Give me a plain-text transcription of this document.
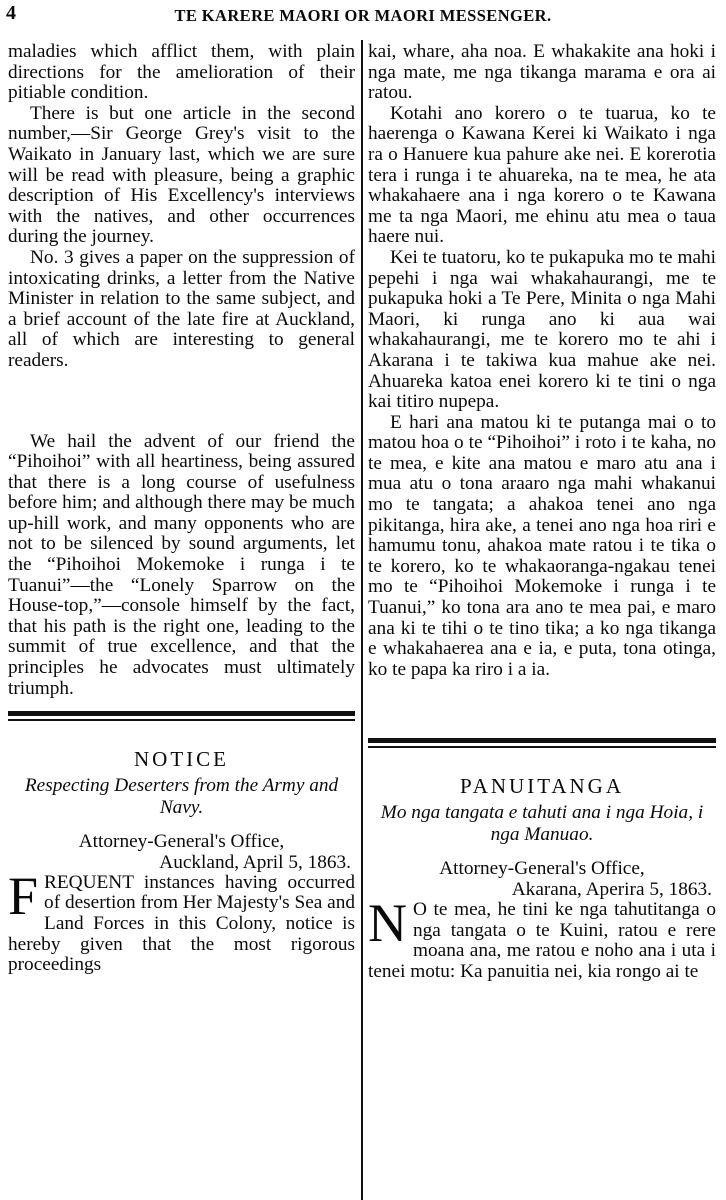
4	TE KARERE MAORI OR MAORI MESSENGER.

maladies which afflict them, with plain directions for the amelioration of their pitiable condition.

There is but one article in the second number,—Sir George Grey's visit to the Waikato in January last, which we are sure will be read with pleasure, being a graphic description of His Excellency's interviews with the natives, and other occurrences during the journey.

No. 3 gives a paper on the suppression of intoxicating drinks, a letter from the Native Minister in relation to the same subject, and a brief account of the late fire at Auckland, all of which are interesting to general readers.

We hail the advent of our friend the “Pihoihoi” with all heartiness, being assured that there is a long course of usefulness before him; and although there may be much up-hill work, and many opponents who are not to be silenced by sound arguments, let the “Pihoihoi Mokemoke i runga i te Tuanui”—the “Lonely Sparrow on the House-top,”—console himself by the fact, that his path is the right one, leading to the summit of true excellence, and that the principles he advocates must ultimately triumph.

NOTICE
Respecting Deserters from the Army and Navy.
Attorney-General's Office,
Auckland, April 5, 1863.

FREQUENT instances having occurred of desertion from Her Majesty's Sea and Land Forces in this Colony, notice is hereby given that the most rigorous proceedings

kai, whare, aha noa. E whakakite ana hoki i nga mate, me nga tikanga marama e ora ai ratou.

Kotahi ano korero o te tuarua, ko te haerenga o Kawana Kerei ki Waikato i nga ra o Hanuere kua pahure ake nei. E korerotia tera i runga i te ahuareka, na te mea, he ata whakahaere ana i nga korero o te Kawana me ta nga Maori, me ehinu atu mea o taua haere nui.

Kei te tuatoru, ko te pukapuka mo te mahi pepehi i nga wai whakahaurangi, me te pukapuka hoki a Te Pere, Minita o nga Mahi Maori, ki runga ano ki aua wai whakahaurangi, me te korero mo te ahi i Akarana i te takiwa kua mahue ake nei. Ahuareka katoa enei korero ki te tini o nga kai titiro nupepa.

E hari ana matou ki te putanga mai o to matou hoa o te “Pihoihoi” i roto i te kaha, no te mea, e kite ana matou e maro atu ana i mua atu o tona araaro nga mahi whakanui mo te tangata; a ahakoa tenei ano nga pikitanga, hira ake, a tenei ano nga hoa riri e hamumu tonu, ahakoa mate ratou i te tika o te korero, ko te whakaoranga-ngakau tenei mo te “Pihoihoi Mokemoke i runga i te Tuanui,” ko tona ara ano te mea pai, e maro ana ki te tihi o te tino tika; a ko nga tikanga e whakahaerea ana e ia, e puta, tona otinga, ko te papa ka riro i a ia.

PANUITANGA
Mo nga tangata e tahuti ana i nga Hoia, i nga Manuao.
Attorney-General's Office,
Akarana, Aperira 5, 1863.

N O te mea, he tini ke nga tahutitanga o nga tangata o te Kuini, ratou e rere moana ana, me ratou e noho ana i uta i tenei motu: Ka panuitia nei, kia rongo ai te
